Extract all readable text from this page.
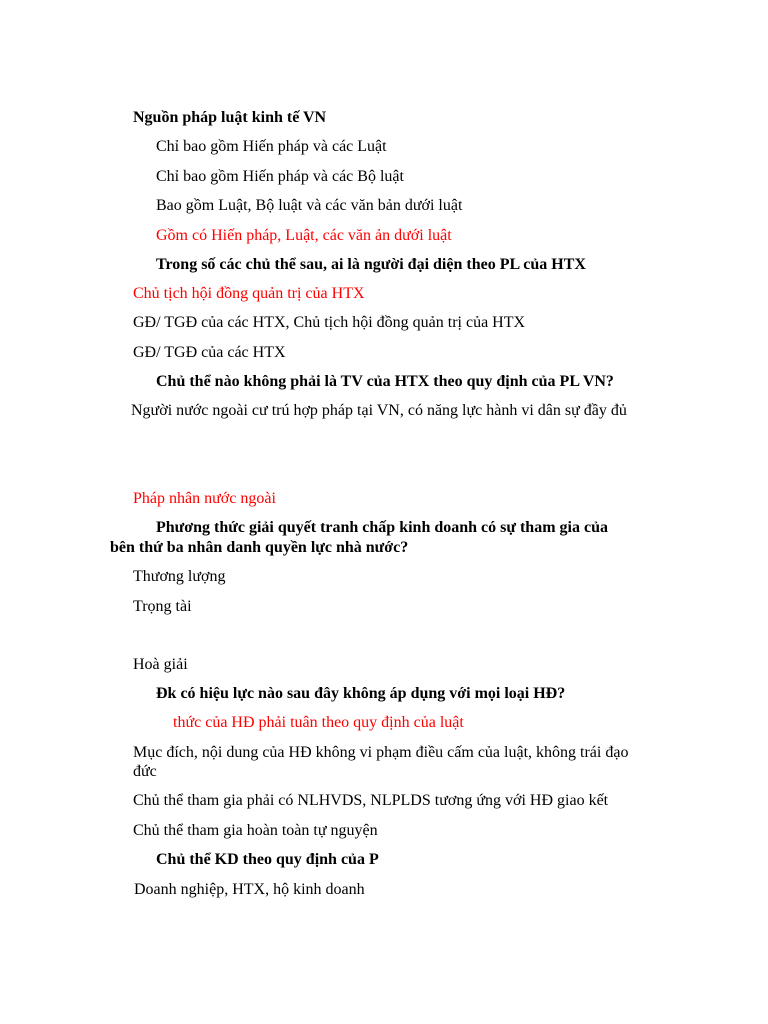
Nguồn pháp luật kinh tế VN
Chỉ bao gồm Hiến pháp và các Luật
Chỉ bao gồm Hiến pháp và các Bộ luật
Bao gồm Luật, Bộ luật và các văn bản dưới luật
Gồm có Hiến pháp, Luật, các văn ản dưới luật
Trong số các chủ thể sau, ai là người đại diện theo PL của HTX
Chủ tịch hội đồng quản trị của HTX
GĐ/ TGĐ của các HTX, Chủ tịch hội đồng quản trị của HTX
GĐ/ TGĐ của các HTX
Chủ thể nào không phải là TV của HTX theo quy định của PL VN?
Người nước ngoài cư trú hợp pháp tại VN, có năng lực hành vi dân sự đầy đủ
Pháp nhân nước ngoài
Phương thức giải quyết tranh chấp kinh doanh có sự tham gia của
bên thứ ba nhân danh quyền lực nhà nước?
Thương lượng
Trọng tài
Hoà giải
Đk có hiệu lực nào sau đây không áp dụng với mọi loại HĐ?
thức của HĐ phải tuân theo quy định của luật
Mục đích, nội dung của HĐ không vi phạm điều cấm của luật, không trái đạo
đức
Chủ thể tham gia phải có NLHVDS, NLPLDS tương ứng với HĐ giao kết
Chủ thể tham gia hoàn toàn tự nguyện
Chủ thể KD theo quy định của P
Doanh nghiệp, HTX, hộ kinh doanh
